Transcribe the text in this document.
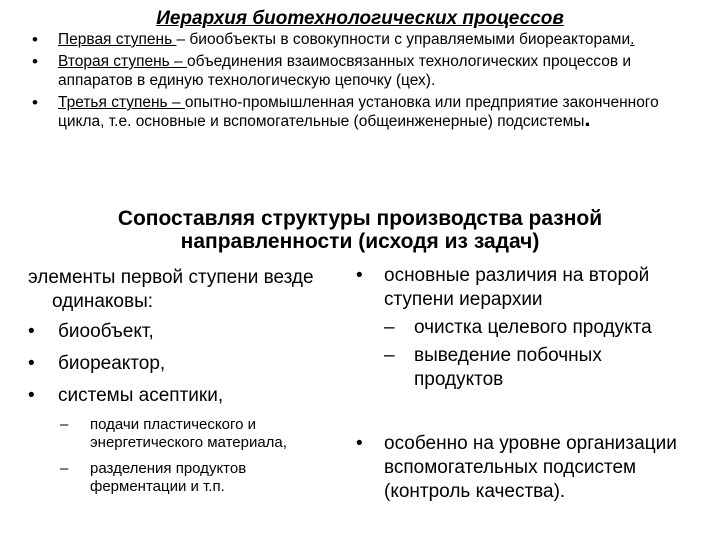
Иерархия биотехнологических процессов
• Первая ступень – биообъекты в совокупности с управляемыми биореакторами.
• Вторая ступень – объединения взаимосвязанных технологических процессов и аппаратов в единую технологическую цепочку (цех).
• Третья ступень – опытно-промышленная установка или предприятие законченного цикла, т.е. основные и вспомогательные (общеинженерные) подсистемы.
Сопоставляя структуры производства разной
направленности (исходя из задач)
элементы первой ступени везде одинаковы:
• биообъект,
• биореактор,
• системы асептики,
– подачи пластического и энергетического материала,
– разделения продуктов ферментации и т.п.
• основные различия на второй ступени иерархии
– очистка целевого продукта
– выведение побочных продуктов
• особенно на уровне организации вспомогательных подсистем (контроль качества).
